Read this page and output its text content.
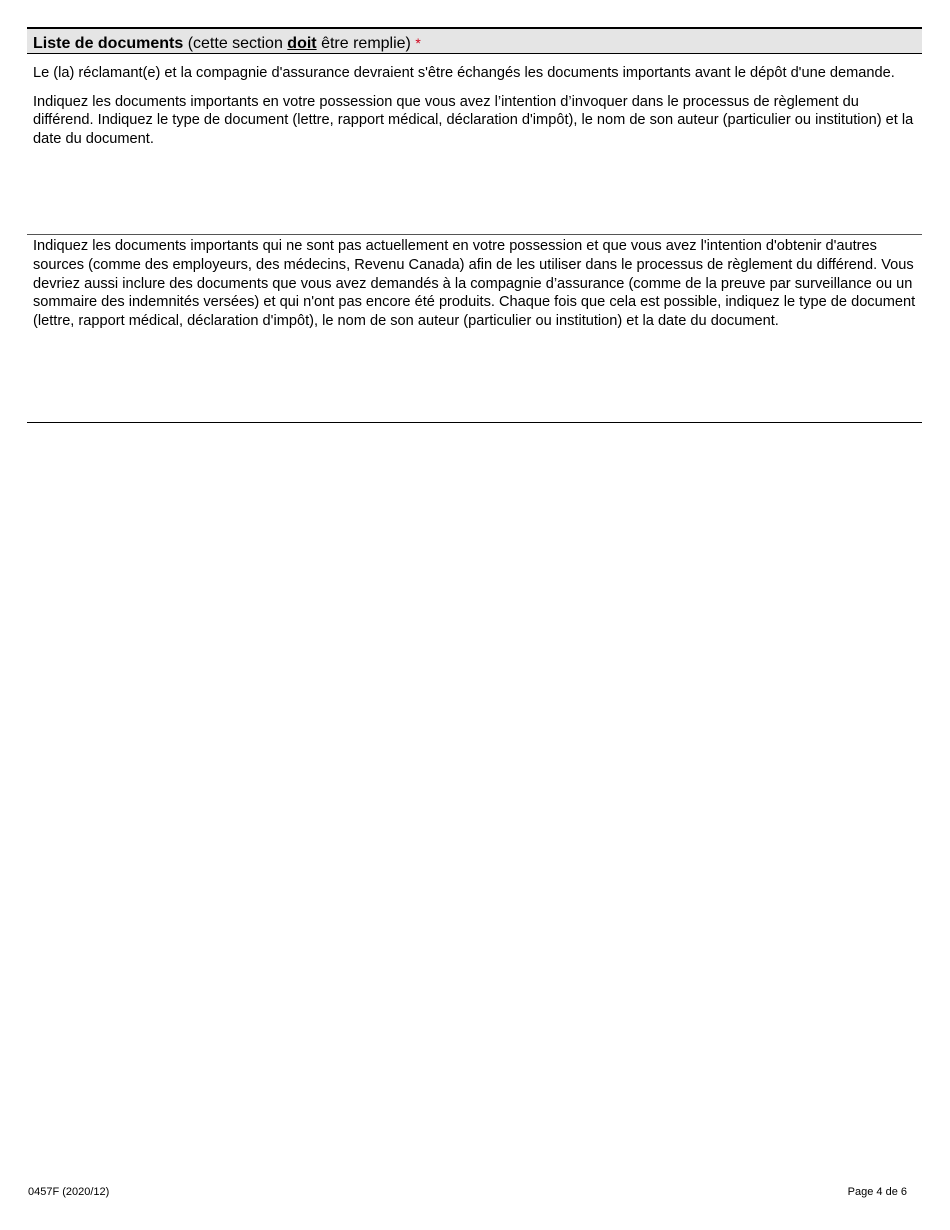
Liste de documents (cette section doit être remplie) *

Le (la) réclamant(e) et la compagnie d'assurance devraient s'être échangés les documents importants avant le dépôt d'une demande.

Indiquez les documents importants en votre possession que vous avez l’intention d’invoquer dans le processus de règlement du différend. Indiquez le type de document (lettre, rapport médical, déclaration d'impôt), le nom de son auteur (particulier ou institution) et la date du document.

Indiquez les documents importants qui ne sont pas actuellement en votre possession et que vous avez l'intention d'obtenir d'autres sources (comme des employeurs, des médecins, Revenu Canada) afin de les utiliser dans le processus de règlement du différend. Vous devriez aussi inclure des documents que vous avez demandés à la compagnie d’assurance (comme de la preuve par surveillance ou un sommaire des indemnités versées) et qui n'ont pas encore été produits. Chaque fois que cela est possible, indiquez le type de document (lettre, rapport médical, déclaration d'impôt), le nom de son auteur (particulier ou institution) et la date du document.

0457F (2020/12)	Page 4 de 6
